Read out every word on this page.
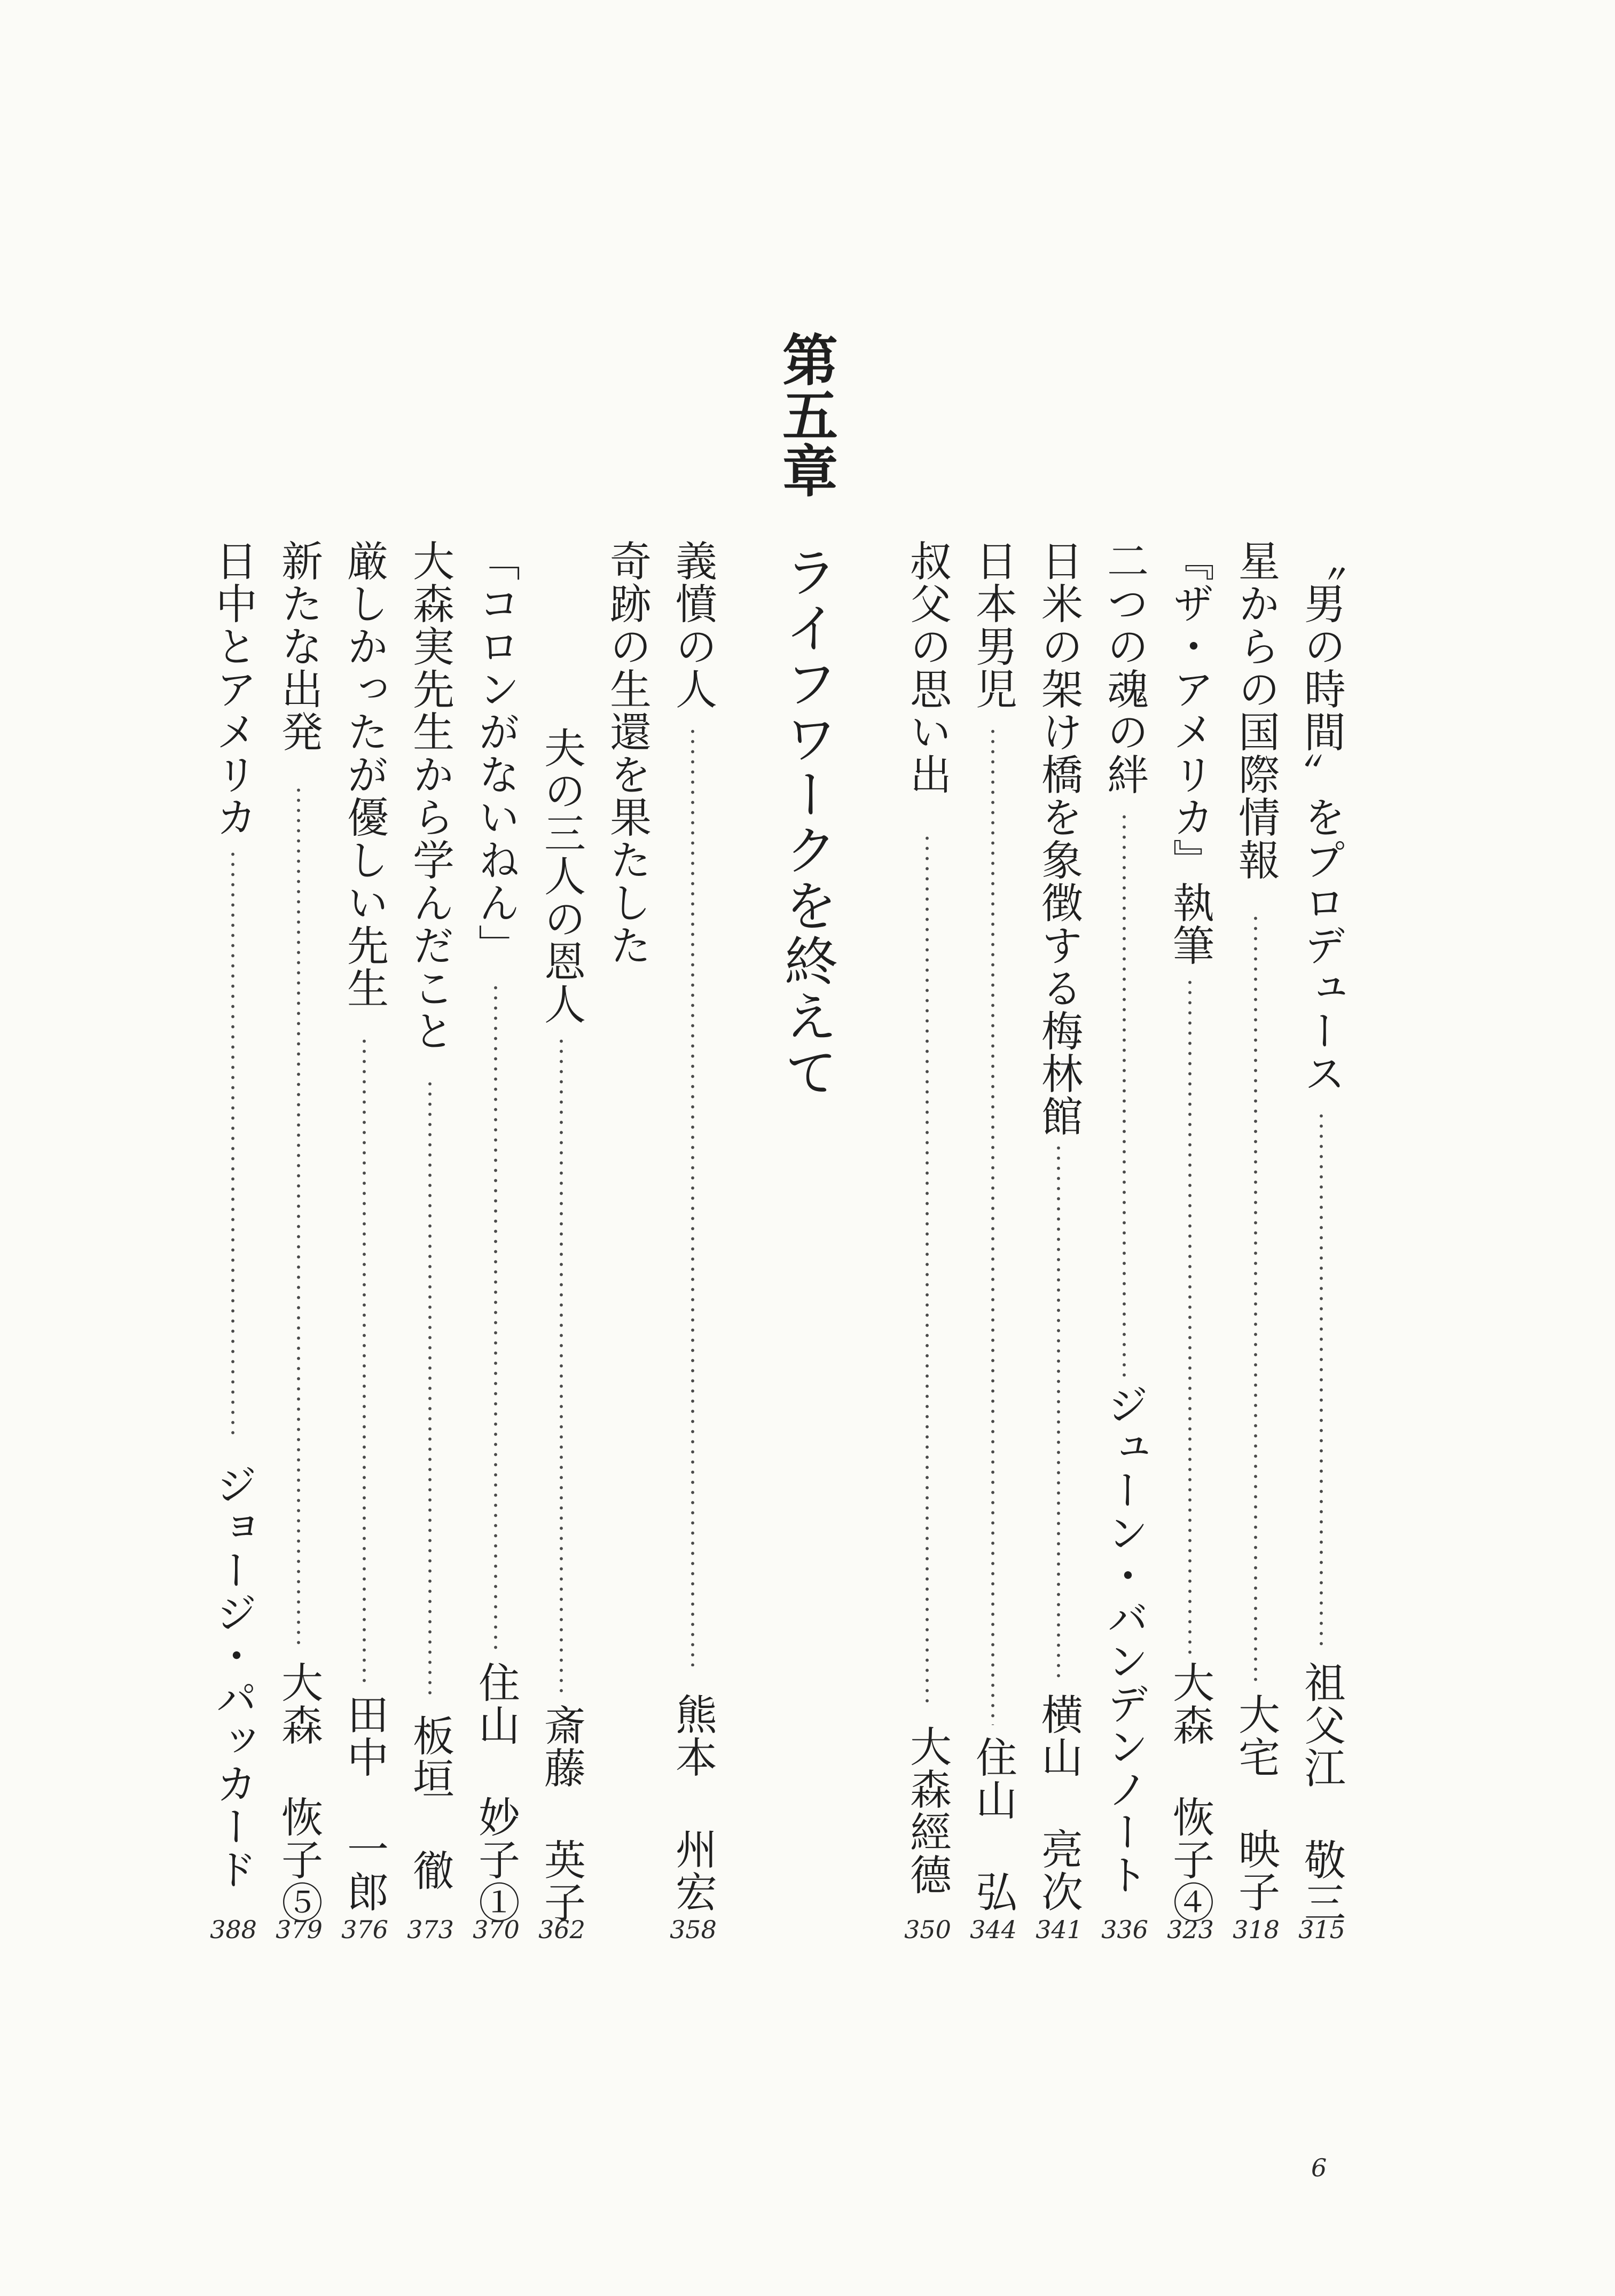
第五章
ライフワークを終えて	〝男の時間〟をプロデュース
祖父江 敬三
315
星からの国際情報
大宅 映子
318
『ザ・アメリカ』執筆
大森 恢子④
323
二つの魂の絆
ジューン・バンデンノート
336
日米の架け橋を象徴する梅林館
横山 亮次
341
日本男児
住山 弘
344
叔父の思い出
大森經德
350
義憤の人
熊本 州宏
358
奇跡の生還を果たした
夫の三人の恩人
斎藤 英子
362
「コロンがないねん」
住山 妙子①
370
大森実先生から学んだこと
板垣 徹
373
厳しかったが優しい先生
田中 一郎
376
新たな出発
大森 恢子⑤
379
日中とアメリカ
ジョージ・パッカード
388
6
